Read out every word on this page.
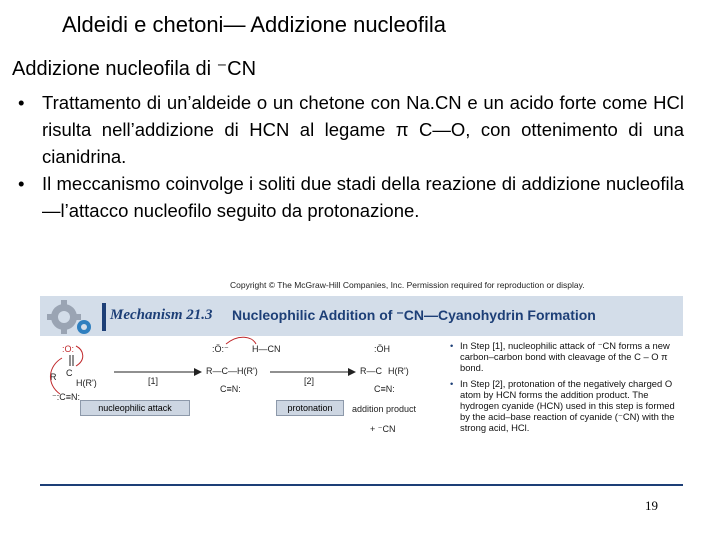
Aldeidi e chetoni— Addizione nucleofila
Addizione nucleofila di ⁻CN
• Trattamento di un’aldeide o un chetone con Na.CN e un acido forte come HCl risulta nell’addizione di HCN al legame π C—O, con ottenimento di una cianidrina.
• Il meccanismo coinvolge i soliti due stadi della reazione di addizione nucleofila—l’attacco nucleofilo seguito da protonazione.
Copyright © The McGraw-Hill Companies, Inc. Permission required for reproduction or display.
Mechanism 21.3 Nucleophilic Addition of ⁻CN—Cyanohydrin Formation
:O:
C
R
H(R')
⁻:C≡N:
[1]
:Ö:⁻	H—CN
R—C—H(R')
C≡N:
[2]
:ÖH
R—C H(R')
C≡N:
addition product
+ ⁻CN
nucleophilic attack	protonation
• In Step [1], nucleophilic attack of ⁻CN forms a new carbon–carbon bond with cleavage of the C – O π bond.
• In Step [2], protonation of the negatively charged O atom by HCN forms the addition product. The hydrogen cyanide (HCN) used in this step is formed by the acid–base reaction of cyanide (⁻CN) with the strong acid, HCl.
19
